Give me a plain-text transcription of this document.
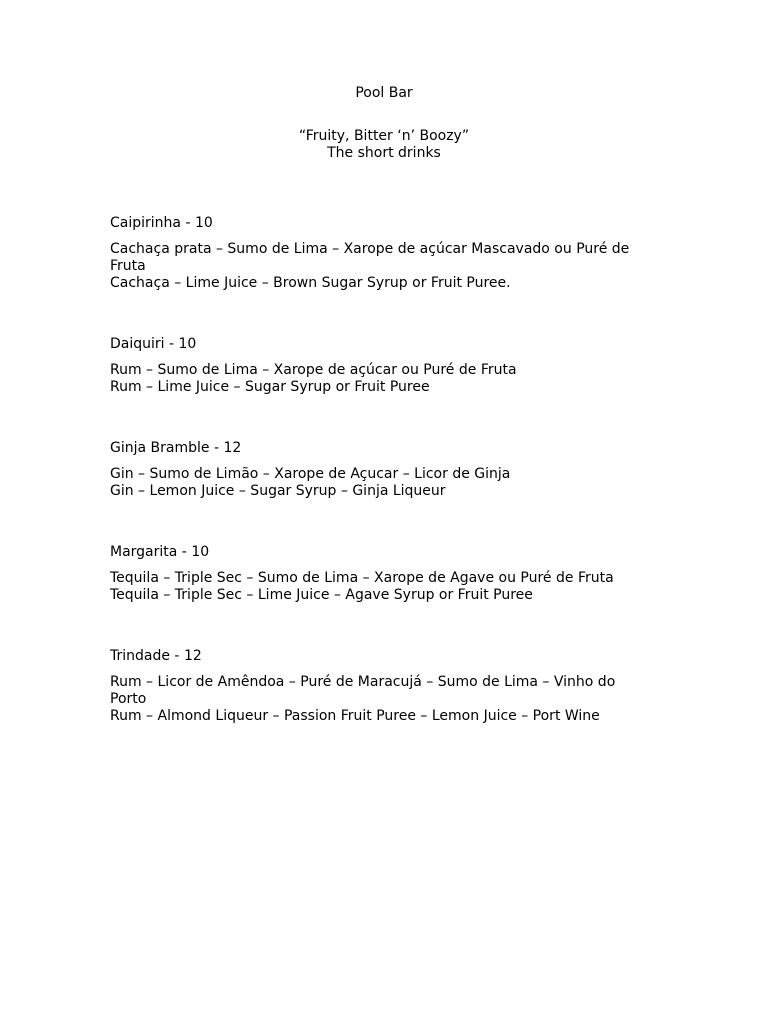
Pool Bar
“Fruity, Bitter ‘n’ Boozy”
The short drinks
Caipirinha - 10
Cachaça prata – Sumo de Lima – Xarope de açúcar Mascavado ou Puré de Fruta
Cachaça – Lime Juice – Brown Sugar Syrup or Fruit Puree.
Daiquiri - 10
Rum – Sumo de Lima – Xarope de açúcar ou Puré de Fruta
Rum – Lime Juice – Sugar Syrup or Fruit Puree
Ginja Bramble - 12
Gin – Sumo de Limão – Xarope de Açucar – Licor de Ginja
Gin – Lemon Juice – Sugar Syrup – Ginja Liqueur
Margarita - 10
Tequila – Triple Sec – Sumo de Lima – Xarope de Agave ou Puré de Fruta
Tequila – Triple Sec – Lime Juice – Agave Syrup or Fruit Puree
Trindade - 12
Rum – Licor de Amêndoa – Puré de Maracujá – Sumo de Lima – Vinho do Porto
Rum – Almond Liqueur – Passion Fruit Puree – Lemon Juice – Port Wine
